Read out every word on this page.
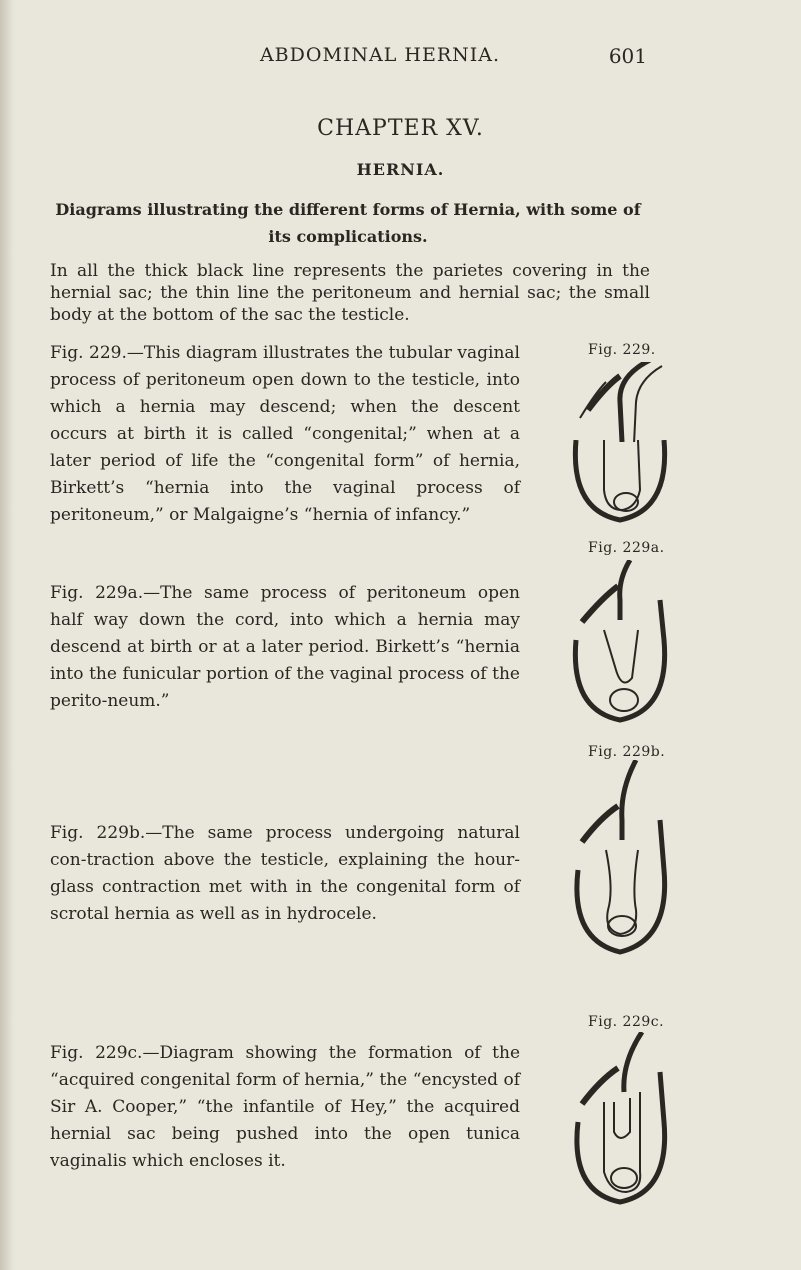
ABDOMINAL HERNIA.	601
CHAPTER XV.
HERNIA.
Diagrams illustrating the different forms of Hernia, with some of its complications.
In all the thick black line represents the parietes covering in the hernial sac; the thin line the peritoneum and hernial sac; the small body at the bottom of the sac the testicle.
Fig. 229.—This diagram illustrates the tubular vaginal process of peritoneum open down to the testicle, into which a hernia may descend; when the descent occurs at birth it is called “congenital;” when at a later period of life the “congenital form” of hernia, Birkett’s “hernia into the vaginal process of peritoneum,” or Malgaigne’s “hernia of infancy.”
Fig. 229.
Fig. 229a.
Fig. 229a.—The same process of peritoneum open half way down the cord, into which a hernia may descend at birth or at a later period. Birkett’s “hernia into the funicular portion of the vaginal process of the perito-neum.”
Fig. 229b.
Fig. 229b.—The same process undergoing natural con-traction above the testicle, explaining the hour-glass contraction met with in the congenital form of scrotal hernia as well as in hydrocele.
Fig. 229c.
Fig. 229c.—Diagram showing the formation of the “acquired congenital form of hernia,” the “encysted of Sir A. Cooper,” “the infantile of Hey,” the acquired hernial sac being pushed into the open tunica vaginalis which encloses it.
